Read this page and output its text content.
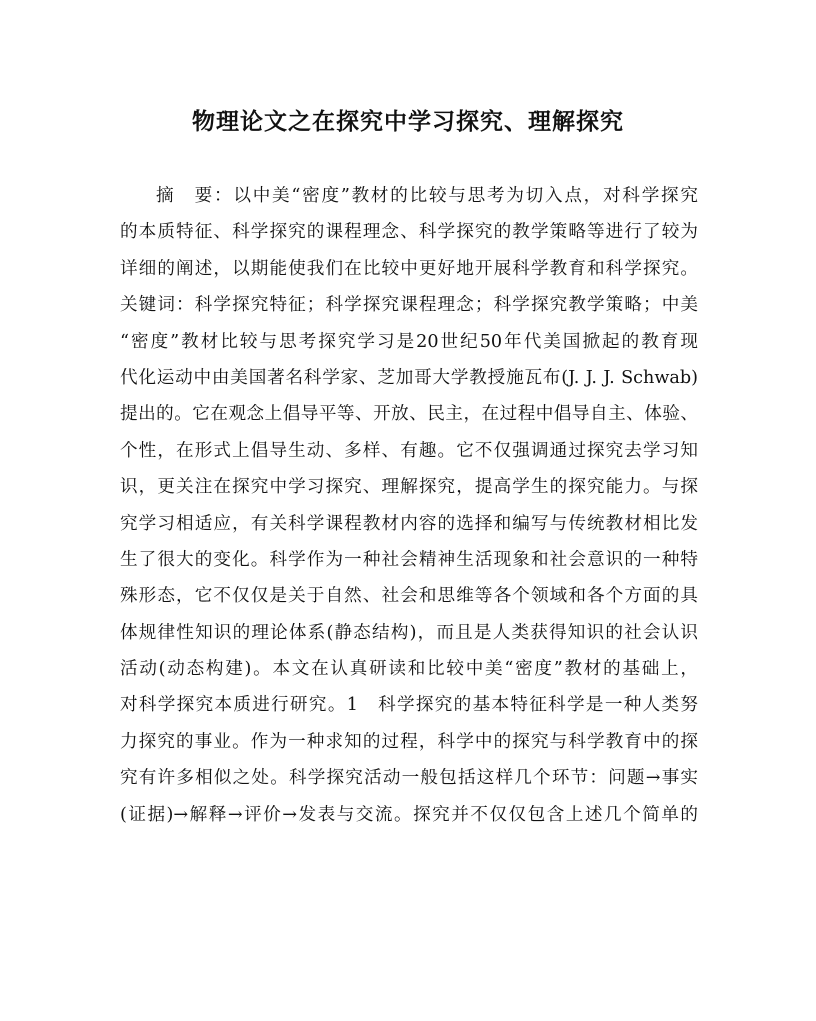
物理论文之在探究中学习探究、理解探究
摘　要：以中美“密度”教材的比较与思考为切入点，对科学探究
的本质特征、科学探究的课程理念、科学探究的教学策略等进行了较为
详细的阐述，以期能使我们在比较中更好地开展科学教育和科学探究。
关键词：科学探究特征；科学探究课程理念；科学探究教学策略；中美
“密度”教材比较与思考探究学习是20世纪50年代美国掀起的教育现
代化运动中由美国著名科学家、芝加哥大学教授施瓦布(J. J. J. Schwab)
提出的。它在观念上倡导平等、开放、民主，在过程中倡导自主、体验、
个性，在形式上倡导生动、多样、有趣。它不仅强调通过探究去学习知
识，更关注在探究中学习探究、理解探究，提高学生的探究能力。与探
究学习相适应，有关科学课程教材内容的选择和编写与传统教材相比发
生了很大的变化。科学作为一种社会精神生活现象和社会意识的一种特
殊形态，它不仅仅是关于自然、社会和思维等各个领域和各个方面的具
体规律性知识的理论体系(静态结构)，而且是人类获得知识的社会认识
活动(动态构建)。本文在认真研读和比较中美“密度”教材的基础上，
对科学探究本质进行研究。1　科学探究的基本特征科学是一种人类努
力探究的事业。作为一种求知的过程，科学中的探究与科学教育中的探
究有许多相似之处。科学探究活动一般包括这样几个环节：问题→事实
(证据)→解释→评价→发表与交流。探究并不仅仅包含上述几个简单的
